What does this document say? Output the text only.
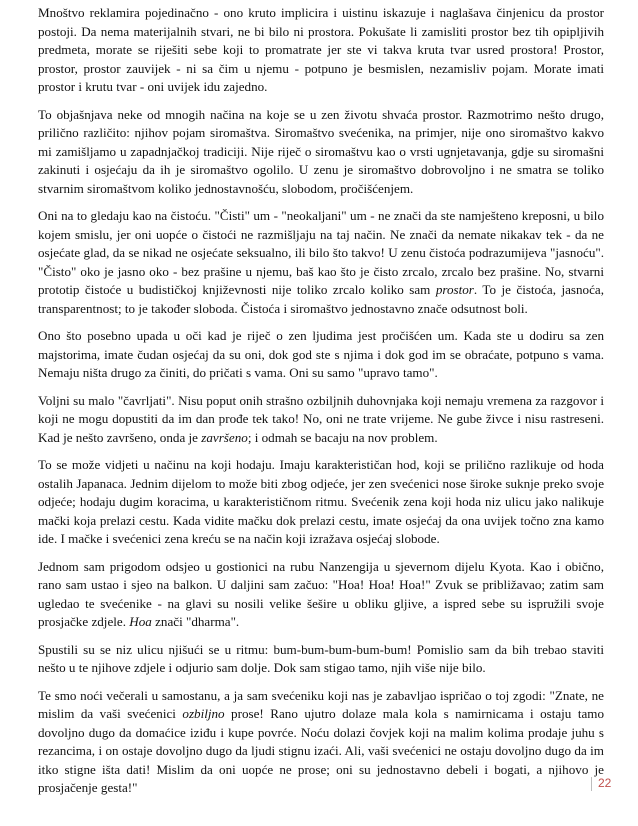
Mnoštvo reklamira pojedinačno - ono kruto implicira i uistinu iskazuje i naglašava činjenicu da prostor postoji. Da nema materijalnih stvari, ne bi bilo ni prostora. Pokušate li zamisliti prostor bez tih opipljivih predmeta, morate se riješiti sebe koji to promatrate jer ste vi takva kruta tvar usred prostora! Prostor, prostor, prostor zauvijek - ni sa čim u njemu - potpuno je besmislen, nezamisliv pojam. Morate imati prostor i krutu tvar - oni uvijek idu zajedno.

To objašnjava neke od mnogih načina na koje se u zen životu shvaća prostor. Razmotrimo nešto drugo, prilično različito: njihov pojam siromaštva. Siromaštvo svećenika, na primjer, nije ono siromaštvo kakvo mi zamišljamo u zapadnjačkoj tradiciji. Nije riječ o siromaštvu kao o vrsti ugnjetavanja, gdje su siromašni zakinuti i osjećaju da ih je siromaštvo ogolilo. U zenu je siromaštvo dobrovoljno i ne smatra se toliko stvarnim siromaštvom koliko jednostavnošću, slobodom, pročišćenjem.

Oni na to gledaju kao na čistoću. "Čisti" um - "neokaljani" um - ne znači da ste namješteno kreposni, u bilo kojem smislu, jer oni uopće o čistoći ne razmišljaju na taj način. Ne znači da nemate nikakav tek - da ne osjećate glad, da se nikad ne osjećate seksualno, ili bilo što takvo! U zenu čistoća podrazumijeva "jasnoću". "Čisto" oko je jasno oko - bez prašine u njemu, baš kao što je čisto zrcalo, zrcalo bez prašine. No, stvarni prototip čistoće u budističkoj književnosti nije toliko zrcalo koliko sam prostor. To je čistoća, jasnoća, transparentnost; to je također sloboda. Čistoća i siromaštvo jednostavno znače odsutnost boli.

Ono što posebno upada u oči kad je riječ o zen ljudima jest pročišćen um. Kada ste u dodiru sa zen majstorima, imate čudan osjećaj da su oni, dok god ste s njima i dok god im se obraćate, potpuno s vama. Nemaju ništa drugo za činiti, do pričati s vama. Oni su samo "upravo tamo".

Voljni su malo "čavrljati". Nisu poput onih strašno ozbiljnih duhovnjaka koji nemaju vremena za razgovor i koji ne mogu dopustiti da im dan prođe tek tako! No, oni ne trate vrijeme. Ne gube živce i nisu rastreseni. Kad je nešto završeno, onda je završeno; i odmah se bacaju na nov problem.

To se može vidjeti u načinu na koji hodaju. Imaju karakterističan hod, koji se prilično razlikuje od hoda ostalih Japanaca. Jednim dijelom to može biti zbog odjeće, jer zen svećenici nose široke suknje preko svoje odjeće; hodaju dugim koracima, u karakterističnom ritmu. Svećenik zena koji hoda niz ulicu jako nalikuje mački koja prelazi cestu. Kada vidite mačku dok prelazi cestu, imate osjećaj da ona uvijek točno zna kamo ide. I mačke i svećenici zena kreću se na način koji izražava osjećaj slobode.

Jednom sam prigodom odsjeo u gostionici na rubu Nanzengija u sjevernom dijelu Kyota. Kao i obično, rano sam ustao i sjeo na balkon. U daljini sam začuo: "Hoa! Hoa! Hoa!" Zvuk se približavao; zatim sam ugledao te svećenike - na glavi su nosili velike šešire u obliku gljive, a ispred sebe su ispružili svoje prosjačke zdjele. Hoa znači "dharma".

Spustili su se niz ulicu njišući se u ritmu: bum-bum-bum-bum-bum! Pomislio sam da bih trebao staviti nešto u te njihove zdjele i odjurio sam dolje. Dok sam stigao tamo, njih više nije bilo.

Te smo noći večerali u samostanu, a ja sam svećeniku koji nas je zabavljao ispričao o toj zgodi: "Znate, ne mislim da vaši svećenici ozbiljno prose! Rano ujutro dolaze mala kola s namirnicama i ostaju tamo dovoljno dugo da domaćice iziđu i kupe povrće. Noću dolazi čovjek koji na malim kolima prodaje juhu s rezancima, i on ostaje dovoljno dugo da ljudi stignu izaći. Ali, vaši svećenici ne ostaju dovoljno dugo da im itko stigne išta dati! Mislim da oni uopće ne prose; oni su jednostavno debeli i bogati, a njihovo je prosjačenje gesta!"	22
